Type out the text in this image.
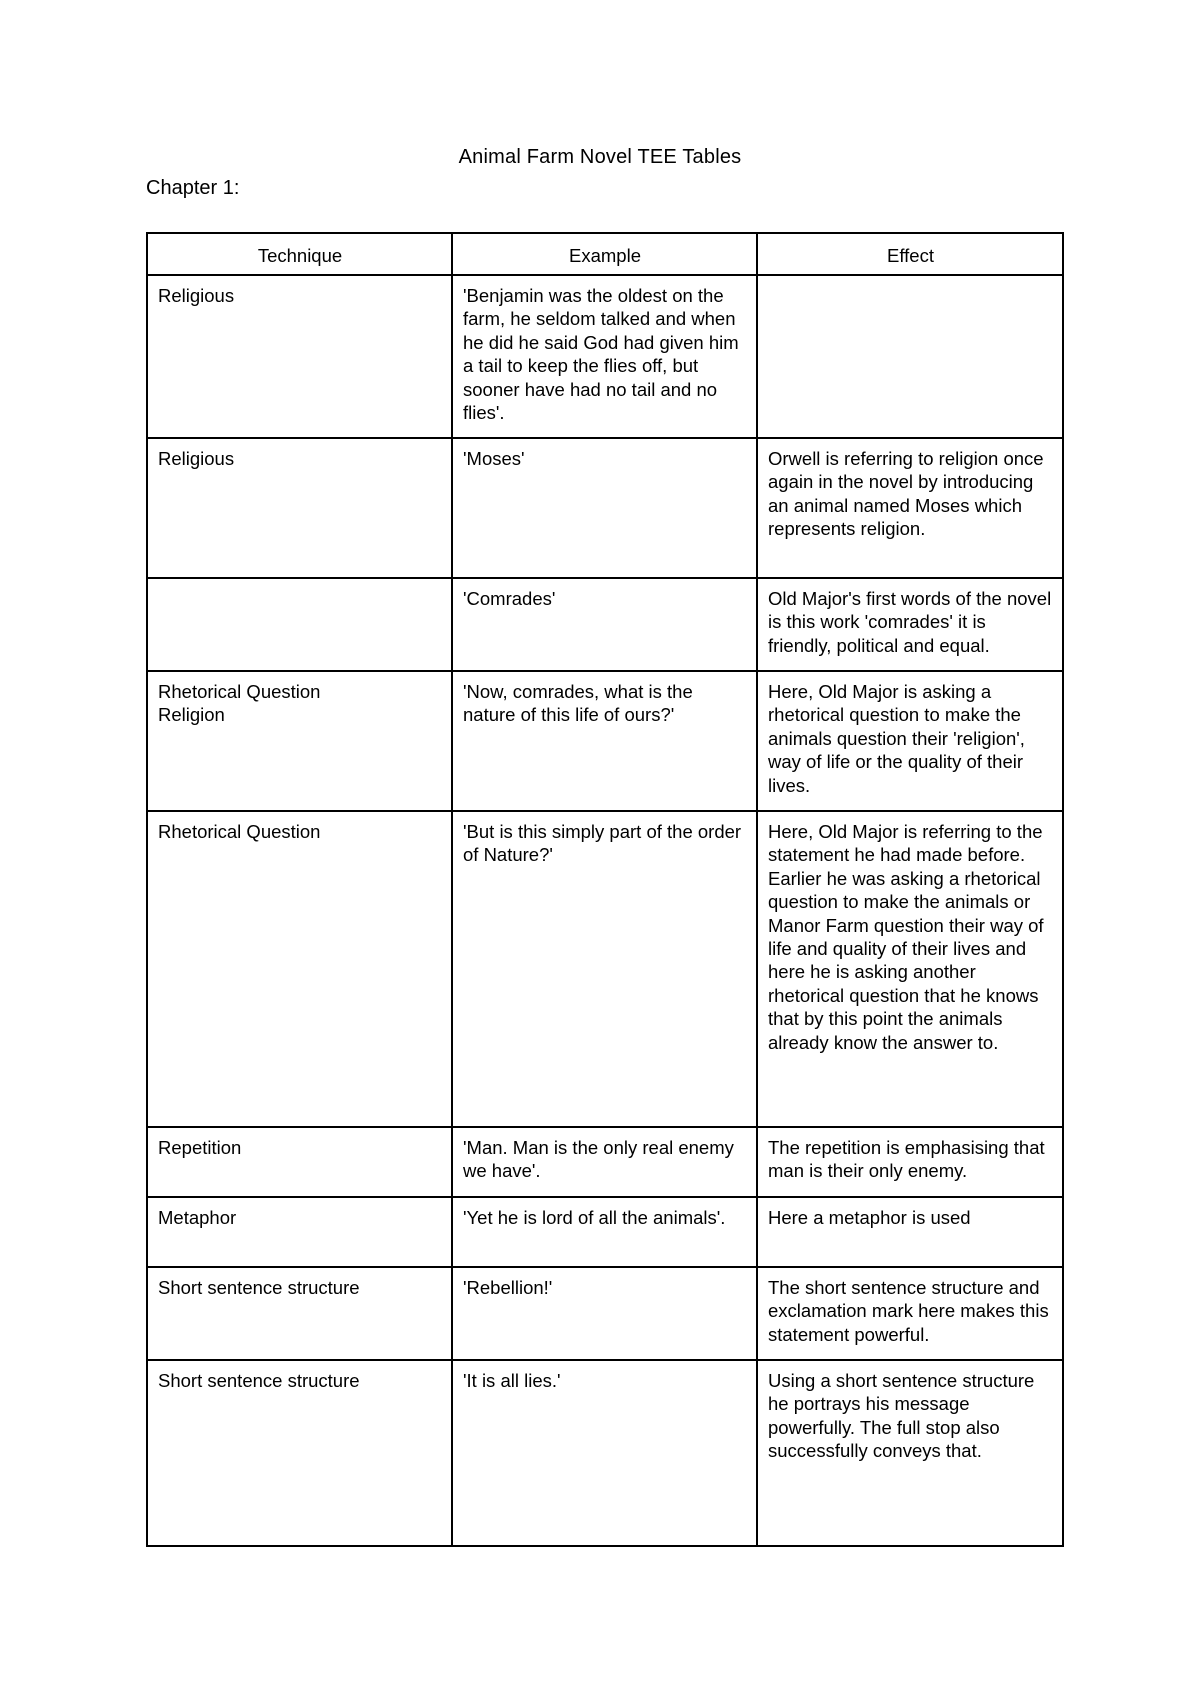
Animal Farm Novel TEE Tables
Chapter 1:
Technique	Example	Effect
Religious	'Benjamin was the oldest on the farm, he seldom talked and when he did he said God had given him a tail to keep the flies off, but sooner have had no tail and no flies'.	
Religious	'Moses'	Orwell is referring to religion once again in the novel by introducing an animal named Moses which represents religion.
	'Comrades'	Old Major's first words of the novel is this work 'comrades' it is friendly, political and equal.

Rhetorical Question
Religion	'Now, comrades, what is the nature of this life of ours?'	Here, Old Major is asking a rhetorical question to make the animals question their 'religion', way of life or the quality of their lives.
Rhetorical Question	'But is this simply part of the order of Nature?'	Here, Old Major is referring to the statement he had made before. Earlier he was asking a rhetorical question to make the animals or Manor Farm question their way of life and quality of their lives and here he is asking another rhetorical question that he knows that by this point the animals already know the answer to.
Repetition	'Man. Man is the only real enemy we have'.	The repetition is emphasising that man is their only enemy.
Metaphor	'Yet he is lord of all the animals'.	Here a metaphor is used
Short sentence structure	'Rebellion!'	The short sentence structure and exclamation mark here makes this statement powerful.
Short sentence structure	'It is all lies.'	Using a short sentence structure he portrays his message powerfully. The full stop also successfully conveys that.
